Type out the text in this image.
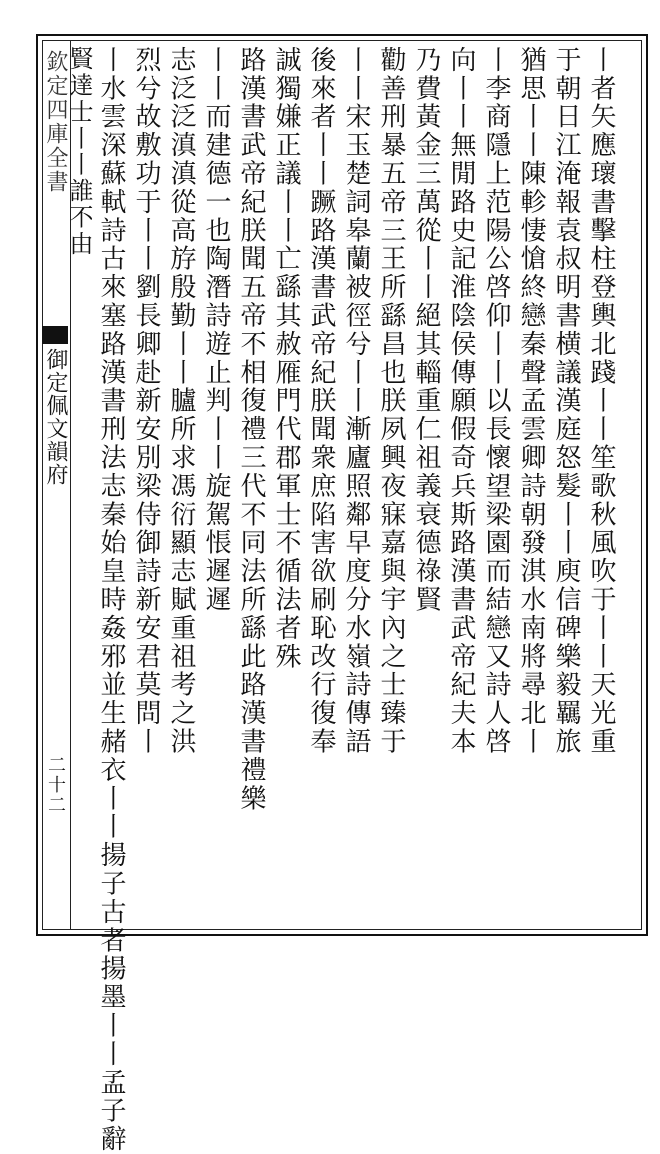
欽定四庫全書
御定佩文韻府
二十二
丨者矢應瓌書擊柱登輿北踐丨丨笙歌秋風吹于丨丨天光重
于朝日江淹報袁叔明書横議漢庭怒髮丨丨庾信碑樂毅羈旅
猶思丨丨陳軫悽愴終戀秦聲孟雲卿詩朝發淇水南將尋北丨
丨李商隱上范陽公啓仰丨丨以長懷望梁園而結戀又詩人啓
向丨丨無閒路史記淮陰侯傳願假奇兵斯路漢書武帝紀夫本
乃費黃金三萬從丨丨絕其輜重仁祖義衰德祿賢
勸善刑暴五帝三王所繇昌也朕夙興夜寐嘉與宇內之士臻于
丨丨宋玉楚詞皋蘭被徑兮丨丨漸廬照鄰早度分水嶺詩傳語
後來者丨丨蹶路漢書武帝紀朕聞衆庶陷害欲刷恥改行復奉
誠獨嫌正議丨丨亡繇其赦雁門代郡軍士不循法者殊
路漢書武帝紀朕聞五帝不相復禮三代不同法所繇此路漢書禮樂
丨丨而建德一也陶潛詩遊止判丨丨旋駕悵遲遲
志泛泛滇滇從高斿殷勤丨丨臚所求馮衍顯志賦重祖考之洪
烈兮故敷功于丨丨劉長卿赴新安別梁侍御詩新安君莫問丨
丨水雲深蘇軾詩古來塞路漢書刑法志秦始皇時姦邪並生赭衣丨丨揚子古者揚墨丨丨孟子辭
賢達士丨丨誰不由
